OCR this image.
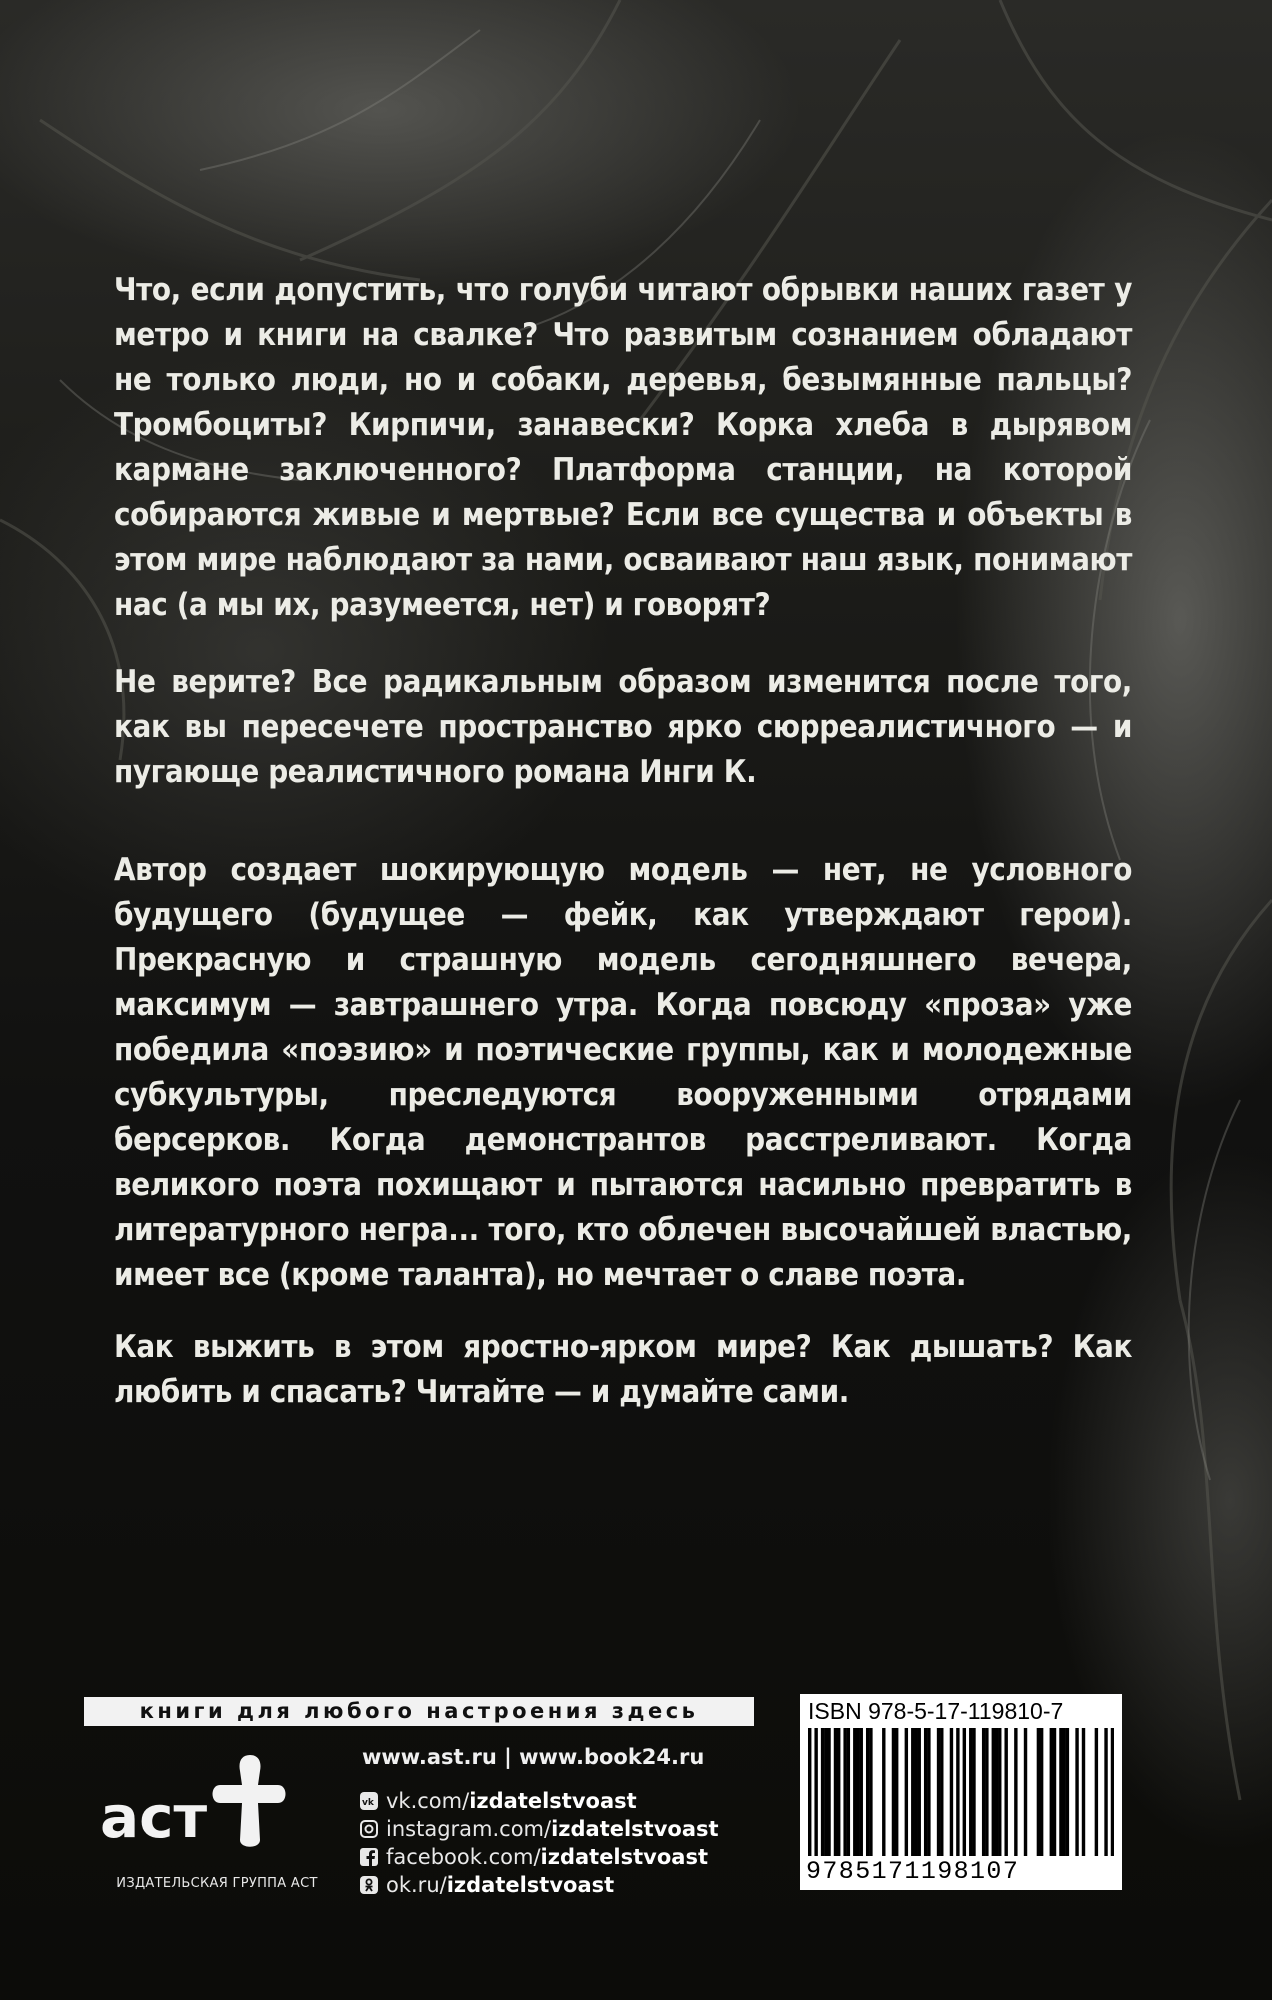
Что, если допустить, что голуби читают обрывки наших газет у метро и книги на свалке? Что развитым сознанием обладают не только люди, но и собаки, деревья, безымянные пальцы? Тромбоциты? Кирпичи, занавески? Корка хлеба в дырявом кармане заключенного? Платформа станции, на которой собираются живые и мертвые? Если все существа и объекты в этом мире наблюдают за нами, осваивают наш язык, понимают нас (а мы их, разумеется, нет) и говорят?

Не верите? Все радикальным образом изменится после того, как вы пересечете пространство ярко сюрреалистичного — и пугающе реалистичного романа Инги К.

Автор создает шокирующую модель — нет, не условного будущего (будущее — фейк, как утверждают герои). Прекрасную и страшную модель сегодняшнего вечера, максимум — завтрашнего утра. Когда повсюду «проза» уже победила «поэзию» и поэтические группы, как и молодежные субкультуры, преследуются вооруженными отрядами берсерков. Когда демонстрантов расстреливают. Когда великого поэта похищают и пытаются насильно превратить в литературного негра... того, кто облечен высочайшей властью, имеет все (кроме таланта), но мечтает о славе поэта.

Как выжить в этом яростно-ярком мире? Как дышать? Как любить и спасать? Читайте — и думайте сами.

книги для любого настроения здесь
аст
ИЗДАТЕЛЬСКАЯ ГРУППА АСТ
www.ast.ru | www.book24.ru
vk vk.com/ izdatelstvoast
instagram.com/ izdatelstvoast
facebook.com/ izdatelstvoast
ok.ru/ izdatelstvoast
ISBN 978-5-17-119810-7
9785171198107
